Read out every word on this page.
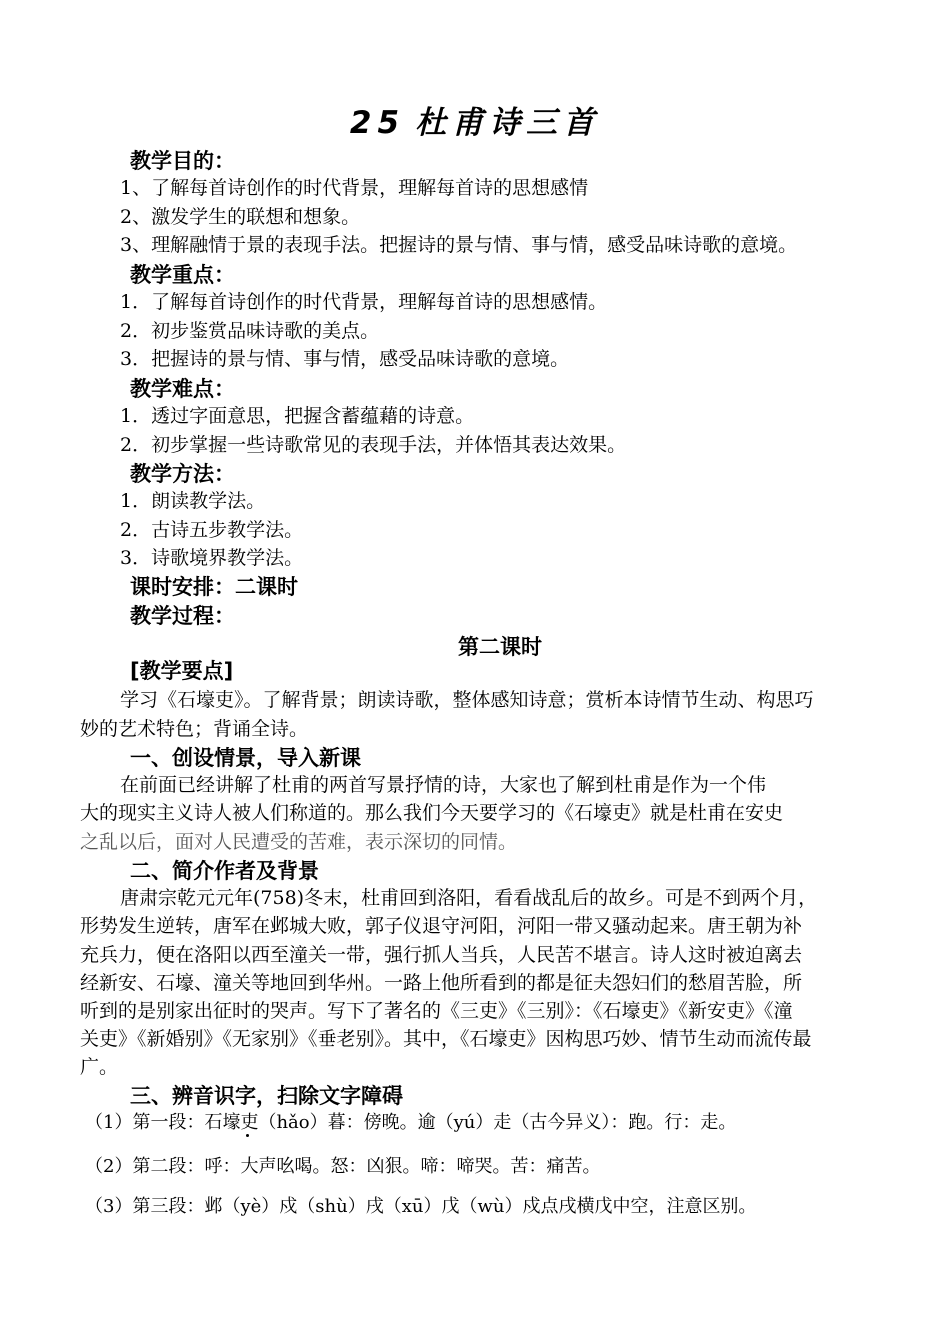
25 杜甫诗三首
教学目的：
1、了解每首诗创作的时代背景，理解每首诗的思想感情
2、激发学生的联想和想象。
3、理解融情于景的表现手法。把握诗的景与情、事与情，感受品味诗歌的意境。
教学重点：
1．了解每首诗创作的时代背景，理解每首诗的思想感情。
2．初步鉴赏品味诗歌的美点。
3．把握诗的景与情、事与情，感受品味诗歌的意境。
教学难点：
1．透过字面意思，把握含蓄蕴藉的诗意。
2．初步掌握一些诗歌常见的表现手法，并体悟其表达效果。
教学方法：
1．朗读教学法。
2．古诗五步教学法。
3．诗歌境界教学法。
课时安排：二课时
教学过程：
第二课时
[教学要点]
学习《石壕吏》。了解背景；朗读诗歌，整体感知诗意；赏析本诗情节生动、构思巧
妙的艺术特色；背诵全诗。
一、创设情景，导入新课
在前面已经讲解了杜甫的两首写景抒情的诗，大家也了解到杜甫是作为一个伟
大的现实主义诗人被人们称道的。那么我们今天要学习的《石壕吏》就是杜甫在安史
之乱以后，面对人民遭受的苦难，表示深切的同情。
二、简介作者及背景
唐肃宗乾元元年(758)冬末，杜甫回到洛阳，看看战乱后的故乡。可是不到两个月，
形势发生逆转，唐军在邺城大败，郭子仪退守河阳，河阳一带又骚动起来。唐王朝为补
充兵力，便在洛阳以西至潼关一带，强行抓人当兵，人民苦不堪言。诗人这时被迫离去
经新安、石壕、潼关等地回到华州。一路上他所看到的都是征夫怨妇们的愁眉苦脸，所
听到的是别家出征时的哭声。写下了著名的《三吏》《三别》：《石壕吏》《新安吏》《潼
关吏》《新婚别》《无家别》《垂老别》。其中，《石壕吏》因构思巧妙、情节生动而流传最
广。
三、辨音识字，扫除文字障碍
（1）第一段：石壕吏（hǎo）暮：傍晚。逾（yú）走（古今异义）：跑。行：走。
（2）第二段：呼：大声吆喝。怒：凶狠。啼：啼哭。苦：痛苦。
（3）第三段：邺（yè）戍（shù）戌（xū）戊（wù）戍点戌横戊中空，注意区别。
